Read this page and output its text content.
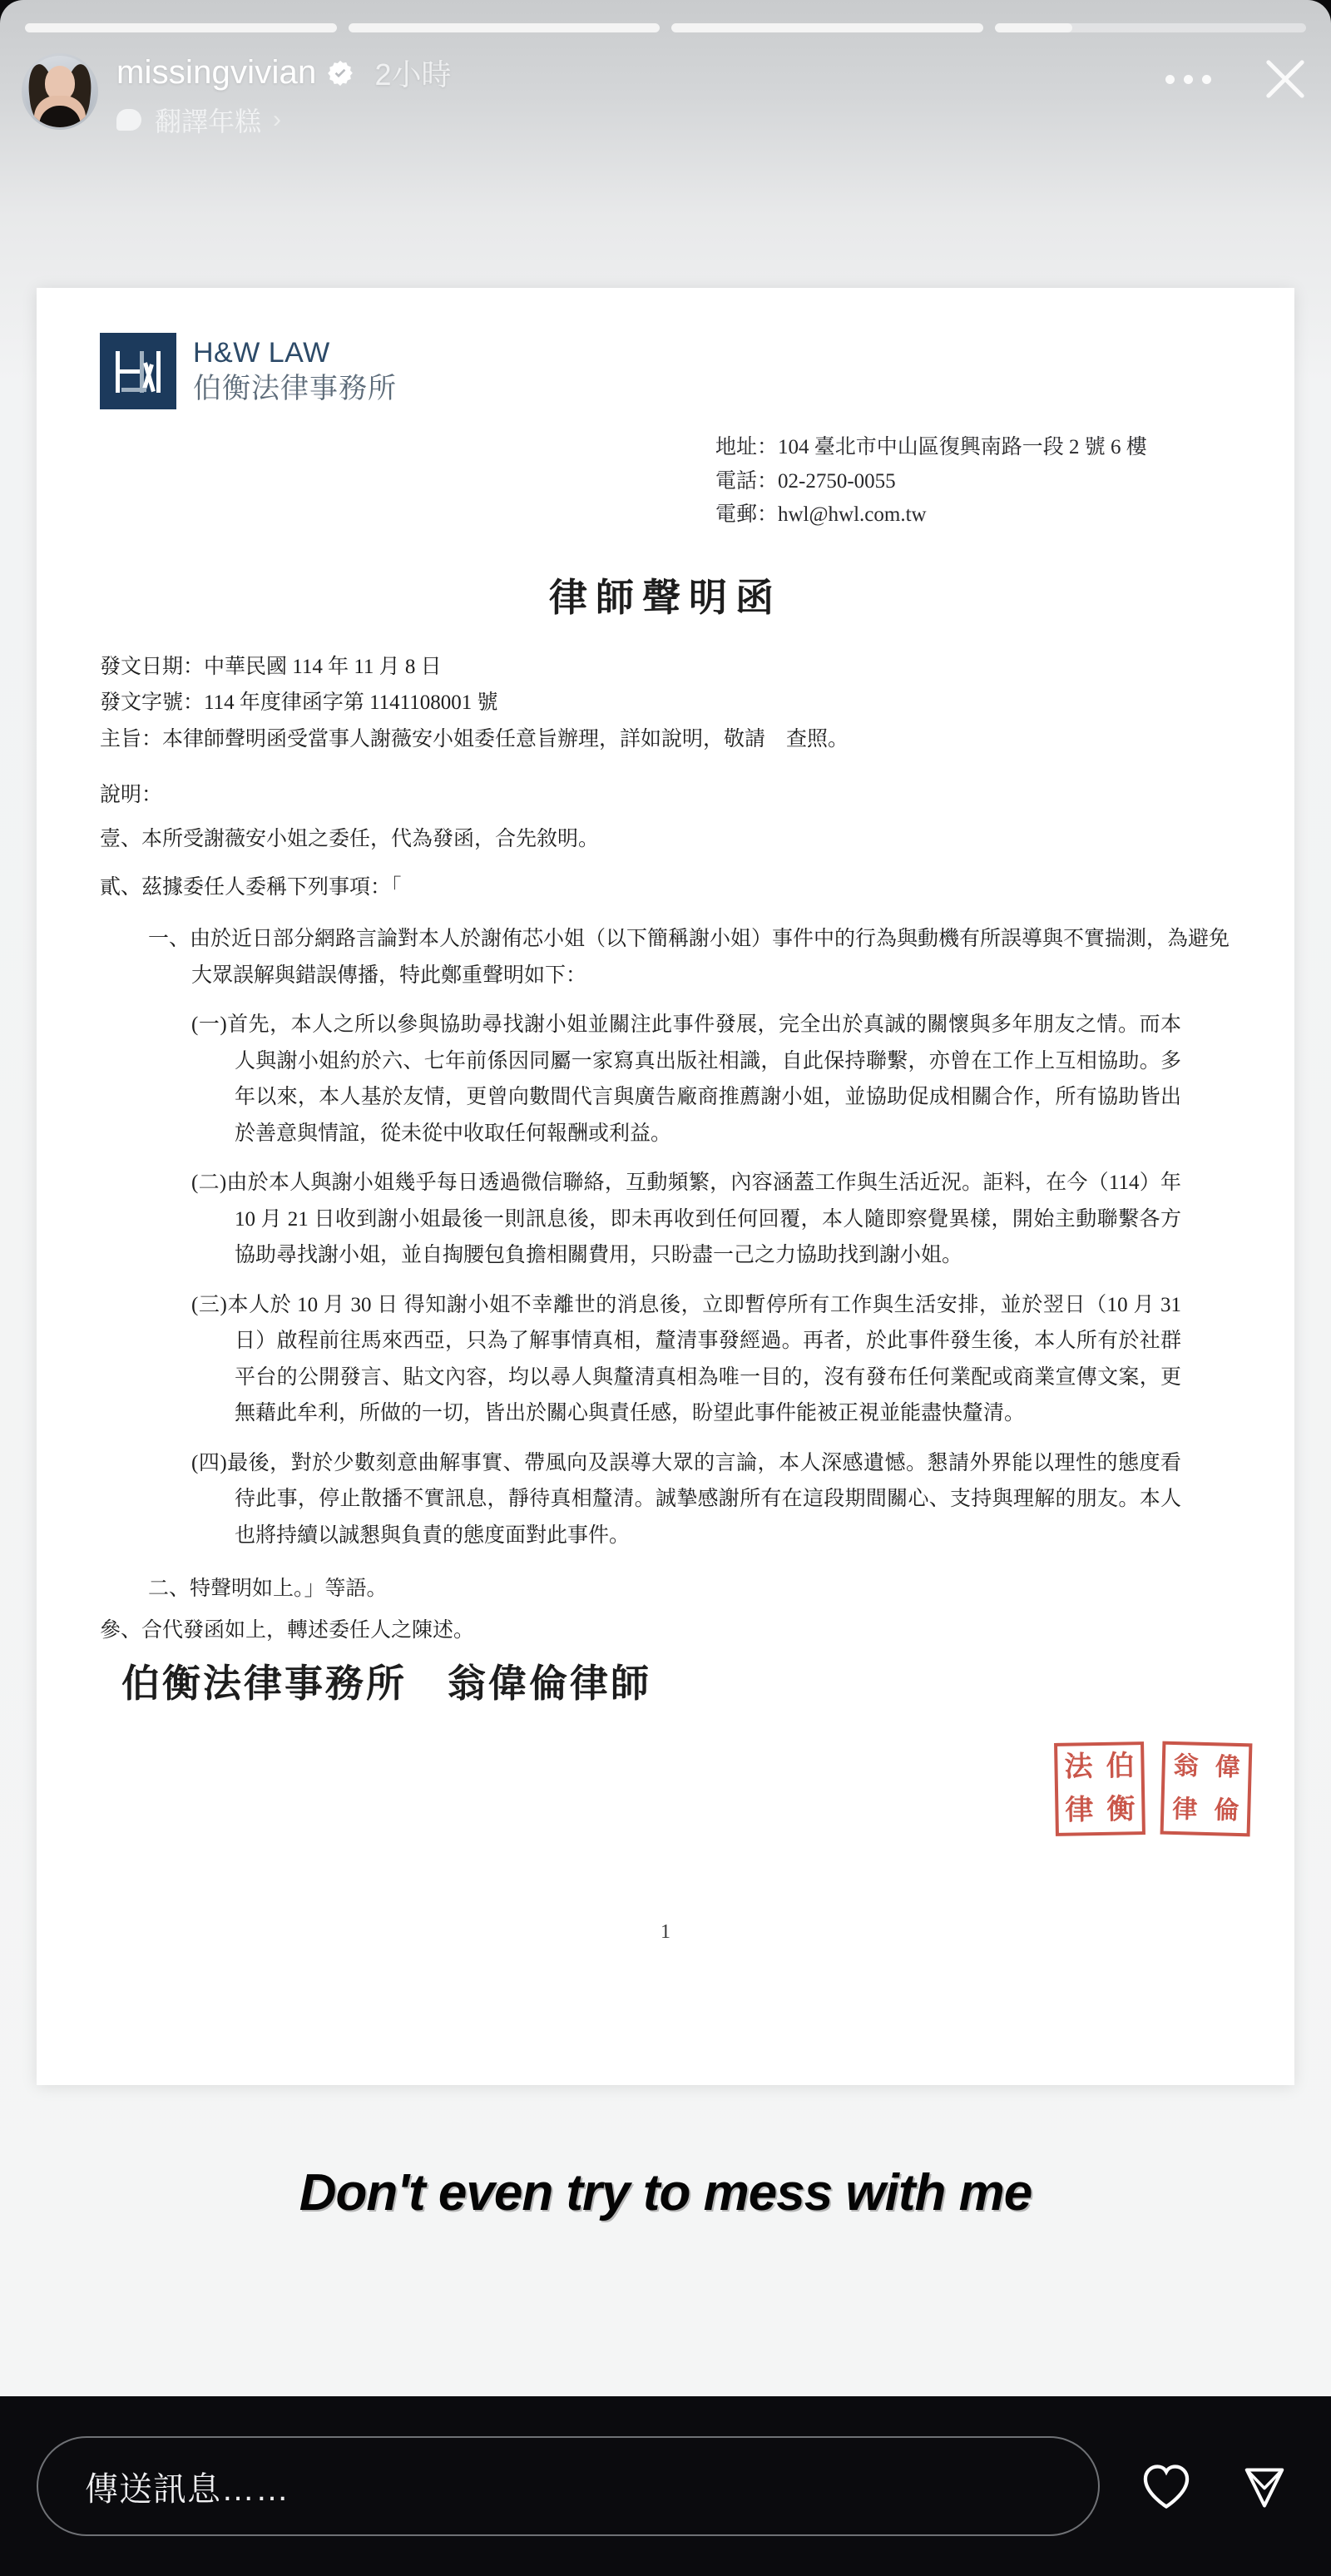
missingvivian 2小時
翻譯年糕 ›
H&W LAW
伯衡法律事務所
地址：104 臺北市中山區復興南路一段 2 號 6 樓
電話：02-2750-0055
電郵：hwl@hwl.com.tw
律師聲明函
發文日期：中華民國 114 年 11 月 8 日
發文字號：114 年度律函字第 1141108001 號
主旨：本律師聲明函受當事人謝薇安小姐委任意旨辦理，詳如說明，敬請　查照。
說明：
壹、本所受謝薇安小姐之委任，代為發函，合先敘明。
貳、茲據委任人委稱下列事項：「
一、由於近日部分網路言論對本人於謝侑芯小姐（以下簡稱謝小姐）事件中的行為與動機有所誤導與不實揣測，為避免大眾誤解與錯誤傳播，特此鄭重聲明如下：
(一)首先，本人之所以參與協助尋找謝小姐並關注此事件發展，完全出於真誠的關懷與多年朋友之情。而本人與謝小姐約於六、七年前係因同屬一家寫真出版社相識，自此保持聯繫，亦曾在工作上互相協助。多年以來，本人基於友情，更曾向數間代言與廣告廠商推薦謝小姐，並協助促成相關合作，所有協助皆出於善意與情誼，從未從中收取任何報酬或利益。
(二)由於本人與謝小姐幾乎每日透過微信聯絡，互動頻繁，內容涵蓋工作與生活近況。詎料，在今（114）年 10 月 21 日收到謝小姐最後一則訊息後，即未再收到任何回覆，本人隨即察覺異樣，開始主動聯繫各方協助尋找謝小姐，並自掏腰包負擔相關費用，只盼盡一己之力協助找到謝小姐。
(三)本人於 10 月 30 日 得知謝小姐不幸離世的消息後，立即暫停所有工作與生活安排，並於翌日（10 月 31 日）啟程前往馬來西亞，只為了解事情真相，釐清事發經過。再者，於此事件發生後，本人所有於社群平台的公開發言、貼文內容，均以尋人與釐清真相為唯一目的，沒有發布任何業配或商業宣傳文案，更無藉此牟利，所做的一切，皆出於關心與責任感，盼望此事件能被正視並能盡快釐清。
(四)最後，對於少數刻意曲解事實、帶風向及誤導大眾的言論，本人深感遺憾。懇請外界能以理性的態度看待此事，停止散播不實訊息，靜待真相釐清。誠摯感謝所有在這段期間關心、支持與理解的朋友。本人也將持續以誠懇與負責的態度面對此事件。
二、特聲明如上。」等語。
參、合代發函如上，轉述委任人之陳述。
伯衡法律事務所　翁偉倫律師
法 伯
律 衡
翁 偉
律 倫
1
Don't even try to mess with me
傳送訊息……
